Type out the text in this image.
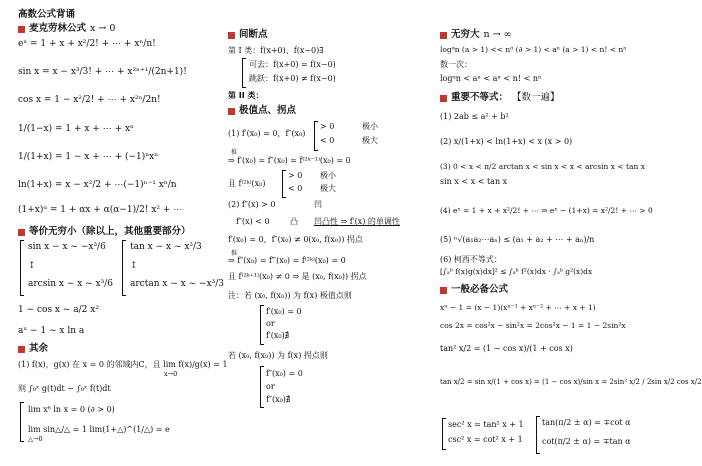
高数公式背诵
麦克劳林公式 x → 0
eˣ = 1 + x + x²/2! + ⋯ + xⁿ/n!
sin x = x − x³/3! + ⋯ + x²ⁿ⁺¹/(2n+1)!
cos x = 1 − x²/2! + ⋯ + x²ⁿ/2n!
1/(1−x) = 1 + x + ⋯ + xⁿ
1/(1+x) = 1 − x + ⋯ + (−1)ⁿxⁿ
ln(1+x) = x − x²/2 + ⋯(−1)ⁿ⁻¹ xⁿ/n
(1+x)ᵅ = 1 + αx + α(α−1)/2! x² + ⋯
等价无穷小（除以上，其他重要部分）
sin x − x ~ −x³/6
↕
arcsin x − x ~ x³/6
tan x − x ~ x³/3
↕
arctan x − x ~ −x³/3
1 − cos x ~ a/2 x²
aˣ − 1 ~ x ln a
其余
(1) f(x)，g(x) 在 x = 0 的邻域内C，且 lim f(x)/g(x) = 1
x→0
则 ∫₀ˣ g(t)dt ~ ∫₀ˣ f(t)dt
lim xᵟ ln x = 0 (∂ > 0)
lim sin△/△ = 1 lim(1+△)^(1/△) = e
△→0
间断点
第 I 类：f(x+0)、f(x−0)∃
可去：f(x+0) = f(x−0)
跳跃：f(x+0) ≠ f(x−0)
第 II 类：
极值点、拐点
(1) f′(x₀) = 0，f″(x₀)
> 0
< 0
极小
极大
推
⇒ f′(x₀) = f″(x₀) = f⁽²ᵏ⁻¹⁾(x₀) = 0
且 f⁽²ᵏ⁾(x₀)
> 0
< 0
极小
极大
(2) f″(x) > 0	凹
f″(x) < 0	凸 凹凸性 ⇒ f′(x) 的单调性
f′(x₀) = 0，f″(x₀) ≠ 0(x₀, f(x₀)) 拐点
推
⇒ f″(x₀) = f‴(x₀) = f⁽²ᵏ⁾(x₀) = 0
且 f⁽²ᵏ⁺¹⁾(x₀) ≠ 0 ⇒ 是 (x₀, f(x₀)) 拐点
注：若 (x₀, f(x₀)) 为 f(x) 极值点则
f′(x₀) = 0
or
f′(x₀)∄
若 (x₀, f(x₀)) 为 f(x) 拐点则
f″(x₀) = 0
or
f″(x₀)∄
无穷大 n → ∞
logᵅn (a > 1) << nᵅ (∂ > 1) < aⁿ (a > 1) < n! < nⁿ
数一次：
logᵅn < aⁿ < aⁿ < n! < nⁿ
重要不等式： 【数一遍】
(1) 2ab ≤ a² + b²
(2) x/(1+x) < ln(1+x) < x (x > 0)
(3) 0 < x < π/2 arctan x < sin x < x < arcsin x < tan x
sin x < x < tan x
(4) eˣ = 1 + x + x²/2! + ⋯ ⇒ eˣ − (1+x) = x²/2! + ⋯ > 0
(5) ⁿ√(a₁a₂⋯aₙ) ≤ (a₁ + a₂ + ⋯ + aₙ)/n
(6) 柯西不等式：
[∫ₐᵇ f(x)g(x)dx]² ≤ ∫ₐᵇ f²(x)dx · ∫ₐᵇ g²(x)dx
一般必备公式
xⁿ − 1 = (x − 1)(xⁿ⁻¹ + xⁿ⁻² + ⋯ + x + 1)
cos 2x = cos²x − sin²x = 2cos²x − 1 = 1 − 2sin²x
tan² x/2 = (1 − cos x)/(1 + cos x)
tan x/2 = sin x/(1 + cos x) = (1 − cos x)/sin x = 2sin² x/2 / 2sin x/2 cos x/2
sec² x = tan² x + 1
csc² x = cot² x + 1
tan(π/2 ± α) = ∓cot α
cot(π/2 ± α) = ∓tan α
